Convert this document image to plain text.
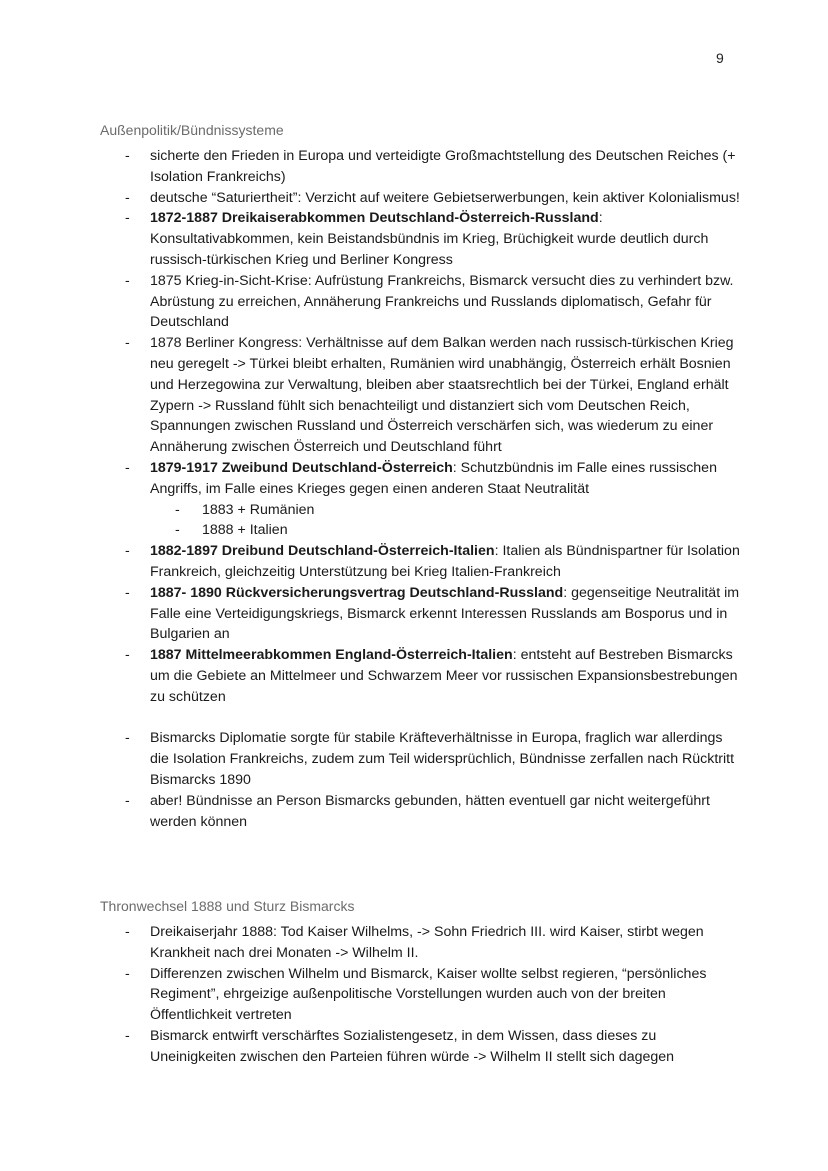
9
Außenpolitik/Bündnissysteme
- sicherte den Frieden in Europa und verteidigte Großmachtstellung des Deutschen Reiches (+ Isolation Frankreichs)
- deutsche “Saturiertheit”: Verzicht auf weitere Gebietserwerbungen, kein aktiver Kolonialismus!
- 1872-1887 Dreikaiserabkommen Deutschland-Österreich-Russland: Konsultativabkommen, kein Beistandsbündnis im Krieg, Brüchigkeit wurde deutlich durch russisch-türkischen Krieg und Berliner Kongress
- 1875 Krieg-in-Sicht-Krise: Aufrüstung Frankreichs, Bismarck versucht dies zu verhindert bzw. Abrüstung zu erreichen, Annäherung Frankreichs und Russlands diplomatisch, Gefahr für Deutschland
- 1878 Berliner Kongress: Verhältnisse auf dem Balkan werden nach russisch-türkischen Krieg neu geregelt -> Türkei bleibt erhalten, Rumänien wird unabhängig, Österreich erhält Bosnien und Herzegowina zur Verwaltung, bleiben aber staatsrechtlich bei der Türkei, England erhält Zypern -> Russland fühlt sich benachteiligt und distanziert sich vom Deutschen Reich, Spannungen zwischen Russland und Österreich verschärfen sich, was wiederum zu einer Annäherung zwischen Österreich und Deutschland führt
- 1879-1917 Zweibund Deutschland-Österreich: Schutzbündnis im Falle eines russischen Angriffs, im Falle eines Krieges gegen einen anderen Staat Neutralität
- 1883 + Rumänien
- 1888 + Italien
- 1882-1897 Dreibund Deutschland-Österreich-Italien: Italien als Bündnispartner für Isolation Frankreich, gleichzeitig Unterstützung bei Krieg Italien-Frankreich
- 1887- 1890 Rückversicherungsvertrag Deutschland-Russland: gegenseitige Neutralität im Falle eine Verteidigungskriegs, Bismarck erkennt Interessen Russlands am Bosporus und in Bulgarien an
- 1887 Mittelmeerabkommen England-Österreich-Italien: entsteht auf Bestreben Bismarcks um die Gebiete an Mittelmeer und Schwarzem Meer vor russischen Expansionsbestrebungen zu schützen
- Bismarcks Diplomatie sorgte für stabile Kräfteverhältnisse in Europa, fraglich war allerdings die Isolation Frankreichs, zudem zum Teil widersprüchlich, Bündnisse zerfallen nach Rücktritt Bismarcks 1890
- aber! Bündnisse an Person Bismarcks gebunden, hätten eventuell gar nicht weitergeführt werden können
Thronwechsel 1888 und Sturz Bismarcks
- Dreikaiserjahr 1888: Tod Kaiser Wilhelms, -> Sohn Friedrich III. wird Kaiser, stirbt wegen Krankheit nach drei Monaten -> Wilhelm II.
- Differenzen zwischen Wilhelm und Bismarck, Kaiser wollte selbst regieren, “persönliches Regiment”, ehrgeizige außenpolitische Vorstellungen wurden auch von der breiten Öffentlichkeit vertreten
- Bismarck entwirft verschärftes Sozialistengesetz, in dem Wissen, dass dieses zu Uneinigkeiten zwischen den Parteien führen würde -> Wilhelm II stellt sich dagegen
